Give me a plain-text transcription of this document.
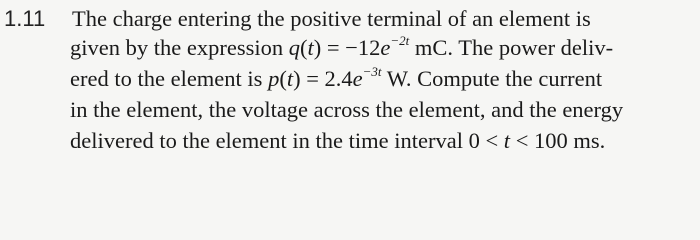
1.11 The charge entering the positive terminal of an element is
given by the expression $q(t) = -12e^{-2t}$ mC. The power deliv-
ered to the element is $p(t) = 2.4e^{-3t}$ W. Compute the current
in the element, the voltage across the element, and the energy
delivered to the element in the time interval 0 < t < 100 ms.
